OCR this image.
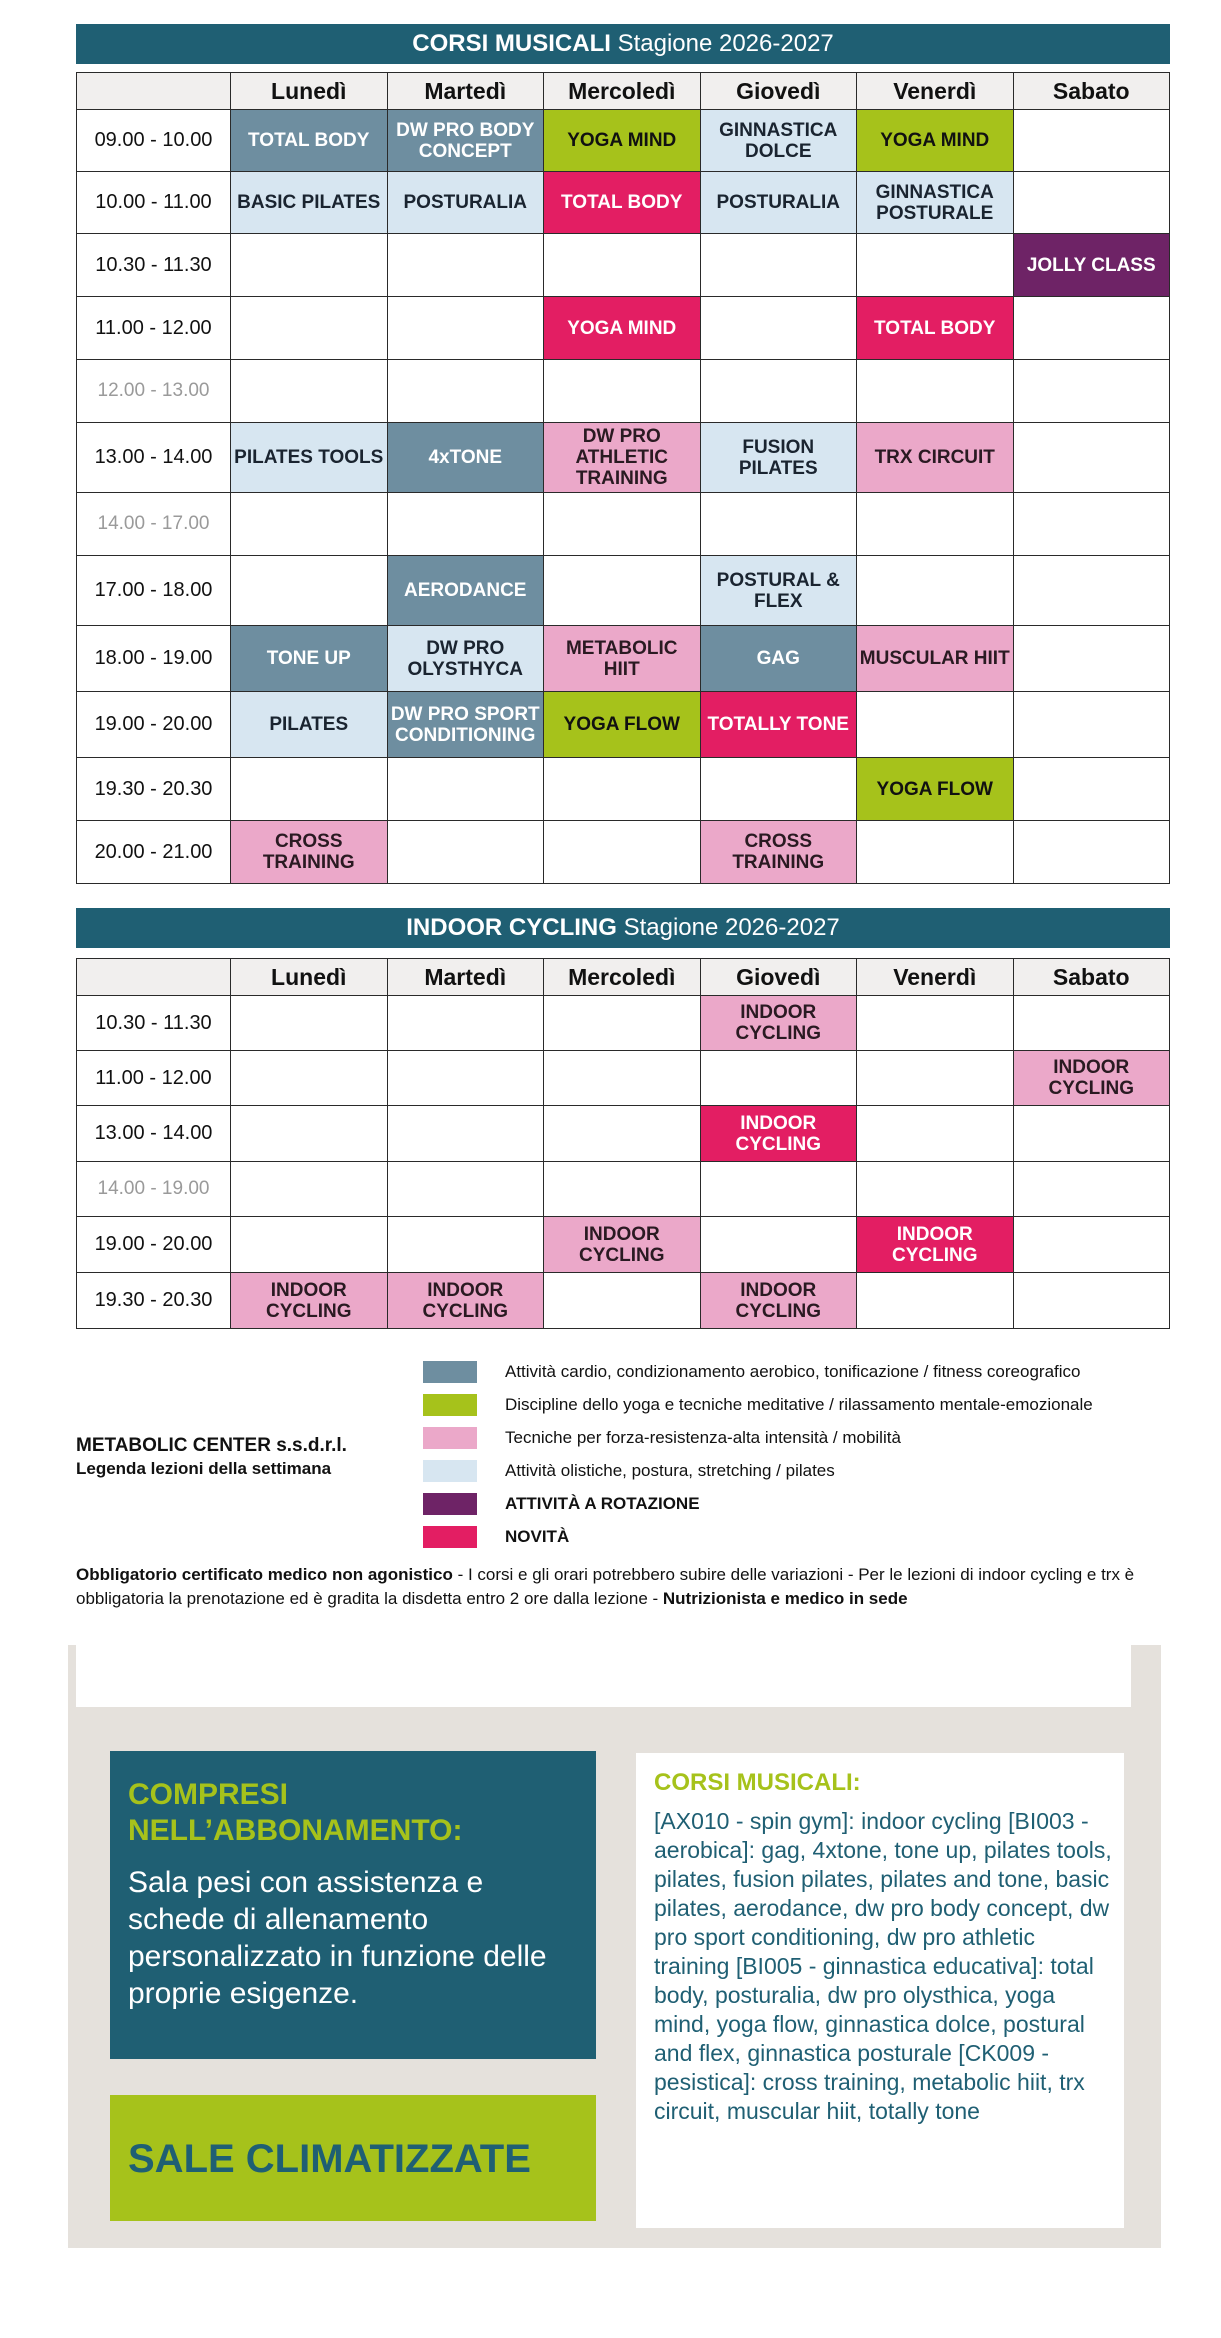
CORSI MUSICALI Stagione 2026-2027
	Lunedì	Martedì	Mercoledì	Giovedì	Venerdì	Sabato
09.00 - 10.00	TOTAL BODY	DW PRO BODY CONCEPT	YOGA MIND	GINNASTICA DOLCE	YOGA MIND	
10.00 - 11.00	BASIC PILATES	POSTURALIA	TOTAL BODY	POSTURALIA	GINNASTICA POSTURALE	
10.30 - 11.30						JOLLY CLASS
11.00 - 12.00			YOGA MIND		TOTAL BODY	
12.00 - 13.00						
13.00 - 14.00	PILATES TOOLS	4xTONE	DW PRO ATHLETIC TRAINING	FUSION PILATES	TRX CIRCUIT	
14.00 - 17.00						
17.00 - 18.00		AERODANCE		POSTURAL & FLEX		
18.00 - 19.00	TONE UP	DW PRO OLYSTHYCA	METABOLIC HIIT	GAG	MUSCULAR HIIT	
19.00 - 20.00	PILATES	DW PRO SPORT CONDITIONING	YOGA FLOW	TOTALLY TONE		
19.30 - 20.30					YOGA FLOW	
20.00 - 21.00	CROSS TRAINING			CROSS TRAINING		
INDOOR CYCLING Stagione 2026-2027
	Lunedì	Martedì	Mercoledì	Giovedì	Venerdì	Sabato
10.30 - 11.30				INDOOR CYCLING		
11.00 - 12.00						INDOOR CYCLING
13.00 - 14.00				INDOOR CYCLING		
14.00 - 19.00						
19.00 - 20.00			INDOOR CYCLING		INDOOR CYCLING	
19.30 - 20.30	INDOOR CYCLING	INDOOR CYCLING		INDOOR CYCLING		
METABOLIC CENTER s.s.d.r.l.
Legenda lezioni della settimana
Attività cardio, condizionamento aerobico, tonificazione / fitness coreografico
Discipline dello yoga e tecniche meditative / rilassamento mentale-emozionale
Tecniche per forza-resistenza-alta intensità / mobilità
Attività olistiche, postura, stretching / pilates
ATTIVITÀ A ROTAZIONE
NOVITÀ
Obbligatorio certificato medico non agonistico - I corsi e gli orari potrebbero subire delle variazioni - Per le lezioni di indoor cycling e trx è obbligatoria la prenotazione ed è gradita la disdetta entro 2 ore dalla lezione - Nutrizionista e medico in sede
COMPRESI
NELL’ABBONAMENTO:
Sala pesi con assistenza e schede di allenamento personalizzato in funzione delle proprie esigenze.
SALE CLIMATIZZATE
CORSI MUSICALI:
[AX010 - spin gym]: indoor cycling [BI003 - aerobica]: gag, 4xtone, tone up, pilates tools, pilates, fusion pilates, pilates and tone, basic pilates, aerodance, dw pro body concept, dw pro sport conditioning, dw pro athletic training [BI005 - ginnastica educativa]: total body, posturalia, dw pro olysthica, yoga mind, yoga flow, ginnastica dolce, postural and flex, ginnastica posturale [CK009 - pesistica]: cross training, metabolic hiit, trx circuit, muscular hiit, totally tone
